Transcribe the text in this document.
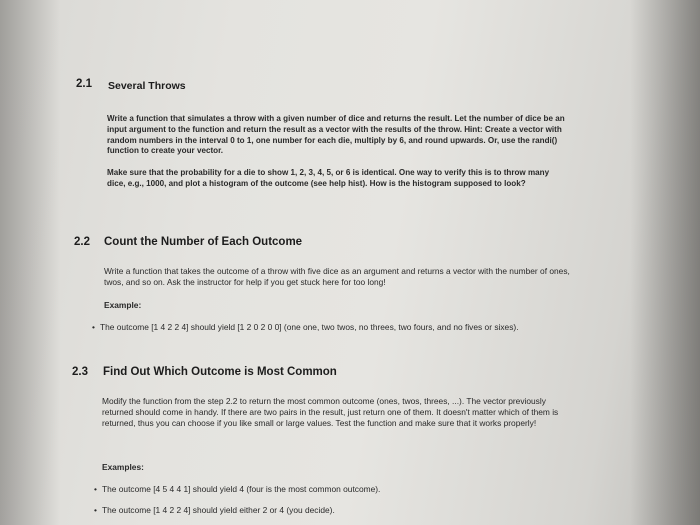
2.1 Several Throws
Write a function that simulates a throw with a given number of dice and returns the result. Let the number of dice be an input argument to the function and return the result as a vector with the results of the throw. Hint: Create a vector with random numbers in the interval 0 to 1, one number for each die, multiply by 6, and round upwards. Or, use the randi() function to create your vector.
Make sure that the probability for a die to show 1, 2, 3, 4, 5, or 6 is identical. One way to verify this is to throw many dice, e.g., 1000, and plot a histogram of the outcome (see help hist). How is the histogram supposed to look?
2.2 Count the Number of Each Outcome
Write a function that takes the outcome of a throw with five dice as an argument and returns a vector with the number of ones, twos, and so on. Ask the instructor for help if you get stuck here for too long!
Example:
• The outcome [1 4 2 2 4] should yield [1 2 0 2 0 0] (one one, two twos, no threes, two fours, and no fives or sixes).
2.3 Find Out Which Outcome is Most Common
Modify the function from the step 2.2 to return the most common outcome (ones, twos, threes, ...). The vector previously returned should come in handy. If there are two pairs in the result, just return one of them. It doesn't matter which of them is returned, thus you can choose if you like small or large values. Test the function and make sure that it works properly!
Examples:
• The outcome [4 5 4 4 1] should yield 4 (four is the most common outcome).
• The outcome [1 4 2 2 4] should yield either 2 or 4 (you decide).
